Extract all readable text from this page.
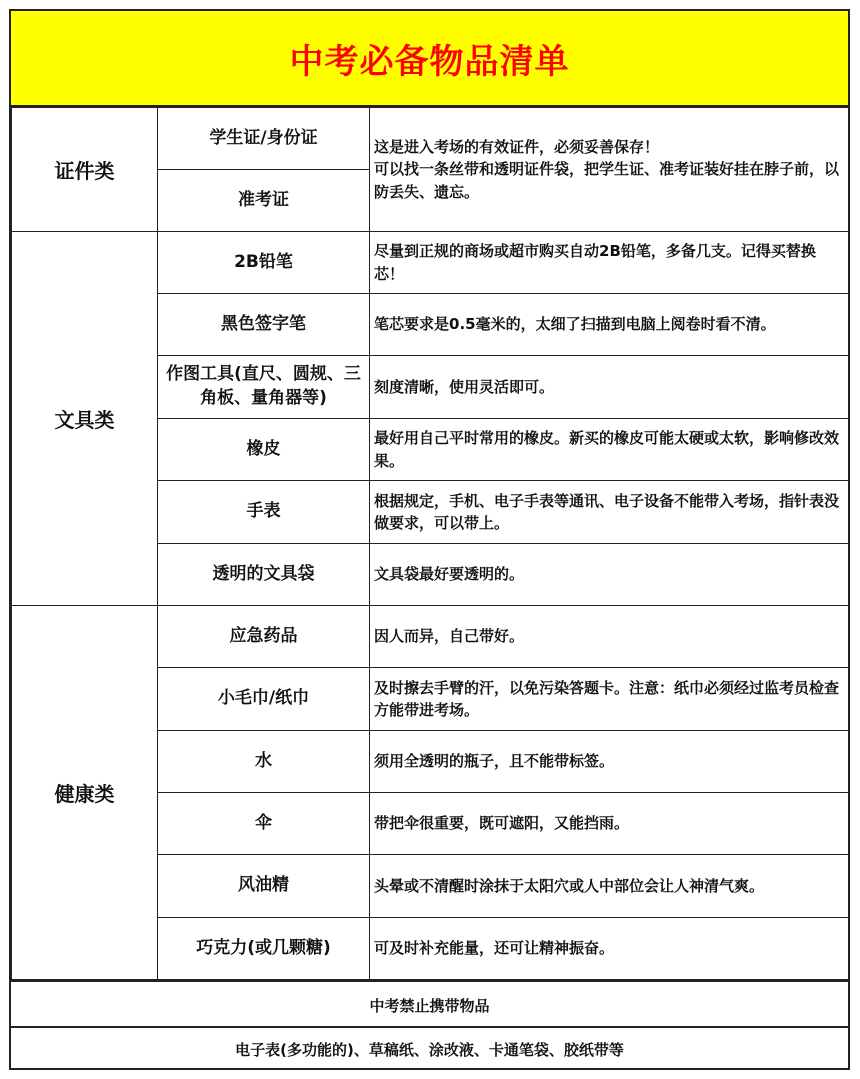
中考必备物品清单
证件类	学生证/身份证	这是进入考场的有效证件，必须妥善保存！
可以找一条丝带和透明证件袋，把学生证、准考证装好挂在脖子前，以防丢失、遗忘。
	准考证	
文具类	2B铅笔	尽量到正规的商场或超市购买自动2B铅笔，多备几支。记得买替换芯！
	黑色签字笔	笔芯要求是0.5毫米的，太细了扫描到电脑上阅卷时看不清。
	作图工具(直尺、圆规、三角板、量角器等)	刻度清晰，使用灵活即可。
	橡皮	最好用自己平时常用的橡皮。新买的橡皮可能太硬或太软，影响修改效果。
	手表	根据规定，手机、电子手表等通讯、电子设备不能带入考场，指针表没做要求，可以带上。
	透明的文具袋	文具袋最好要透明的。
健康类	应急药品	因人而异，自己带好。
	小毛巾/纸巾	及时擦去手臂的汗，以免污染答题卡。注意：纸巾必须经过监考员检查方能带进考场。
	水	须用全透明的瓶子，且不能带标签。
	伞	带把伞很重要，既可遮阳，又能挡雨。
	风油精	头晕或不清醒时涂抹于太阳穴或人中部位会让人神清气爽。
	巧克力(或几颗糖)	可及时补充能量，还可让精神振奋。
中考禁止携带物品
电子表(多功能的)、草稿纸、涂改液、卡通笔袋、胶纸带等
